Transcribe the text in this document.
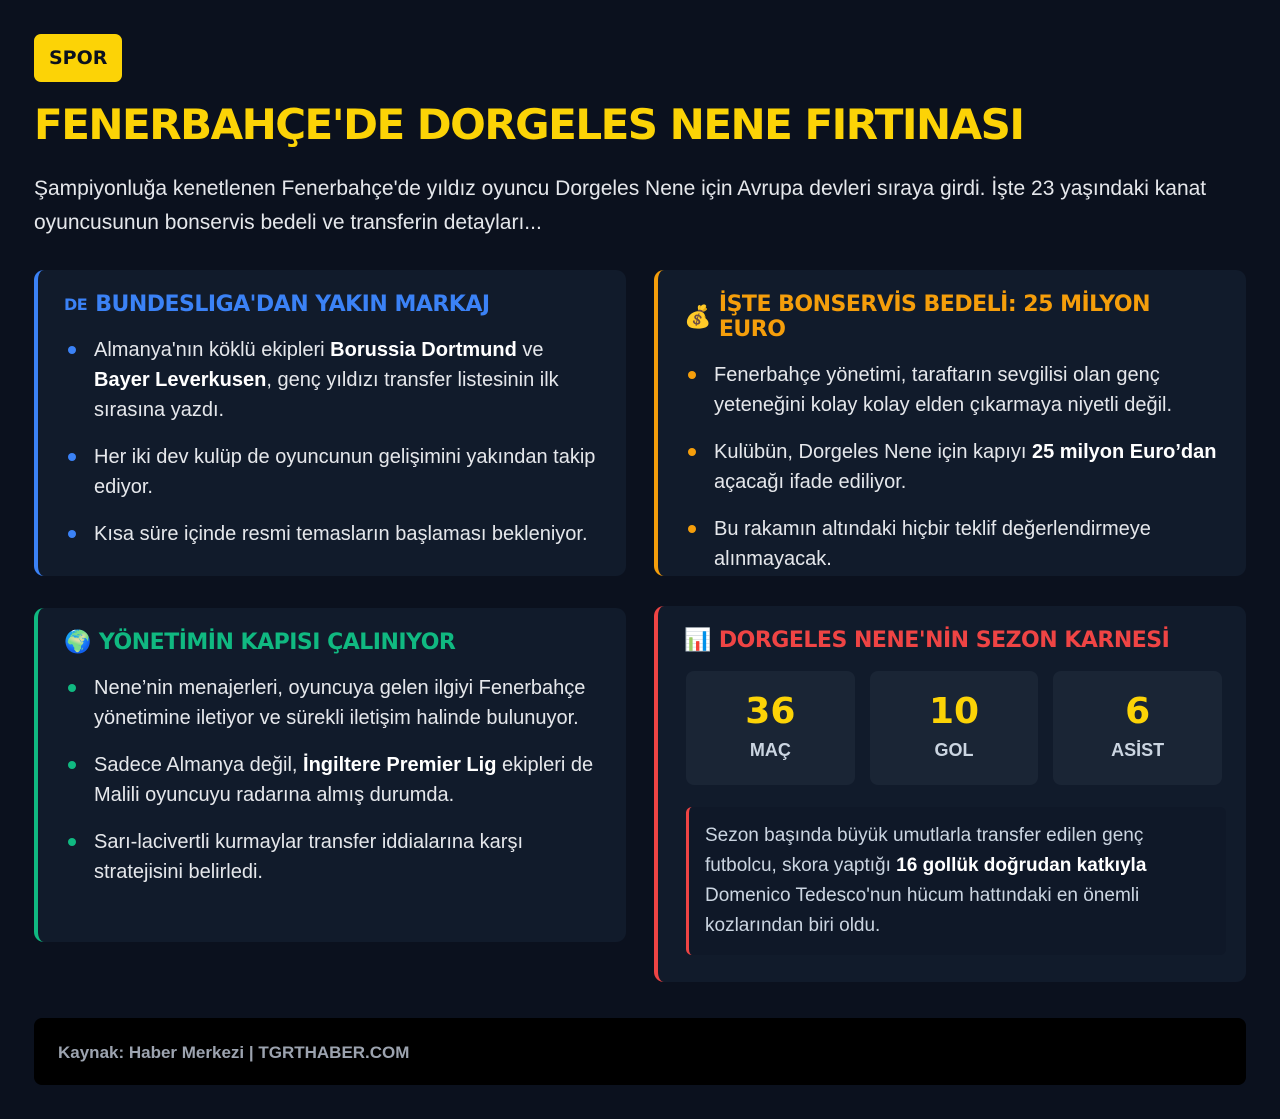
SPOR
FENERBAHÇE'DE DORGELES NENE FIRTINASI

Şampiyonluğa kenetlenen Fenerbahçe'de yıldız oyuncu Dorgeles Nene için Avrupa devleri sıraya girdi. İşte 23 yaşındaki kanat oyuncusunun bonservis bedeli ve transferin detayları...

DE BUNDESLIGA'DAN YAKIN MARKAJ
Almanya'nın köklü ekipleri Borussia Dortmund ve Bayer Leverkusen, genç yıldızı transfer listesinin ilk sırasına yazdı.
Her iki dev kulüp de oyuncunun gelişimini yakından takip ediyor.
Kısa süre içinde resmi temasların başlaması bekleniyor.
💰 İŞTE BONSERVİS BEDELİ: 25 MİLYON EURO
Fenerbahçe yönetimi, taraftarın sevgilisi olan genç yeteneğini kolay kolay elden çıkarmaya niyetli değil.
Kulübün, Dorgeles Nene için kapıyı 25 milyon Euro’dan açacağı ifade ediliyor.
Bu rakamın altındaki hiçbir teklif değerlendirmeye alınmayacak.
🌍 YÖNETİMİN KAPISI ÇALINIYOR
Nene’nin menajerleri, oyuncuya gelen ilgiyi Fenerbahçe yönetimine iletiyor ve sürekli iletişim halinde bulunuyor.
Sadece Almanya değil, İngiltere Premier Lig ekipleri de Malili oyuncuyu radarına almış durumda.
Sarı-lacivertli kurmaylar transfer iddialarına karşı stratejisini belirledi.
📊 DORGELES NENE'NİN SEZON KARNESİ
36
MAÇ
10
GOL
6
ASİST
Sezon başında büyük umutlarla transfer edilen genç futbolcu, skora yaptığı 16 gollük doğrudan katkıyla Domenico Tedesco'nun hücum hattındaki en önemli kozlarından biri oldu.
Kaynak: Haber Merkezi | TGRTHABER.COM
